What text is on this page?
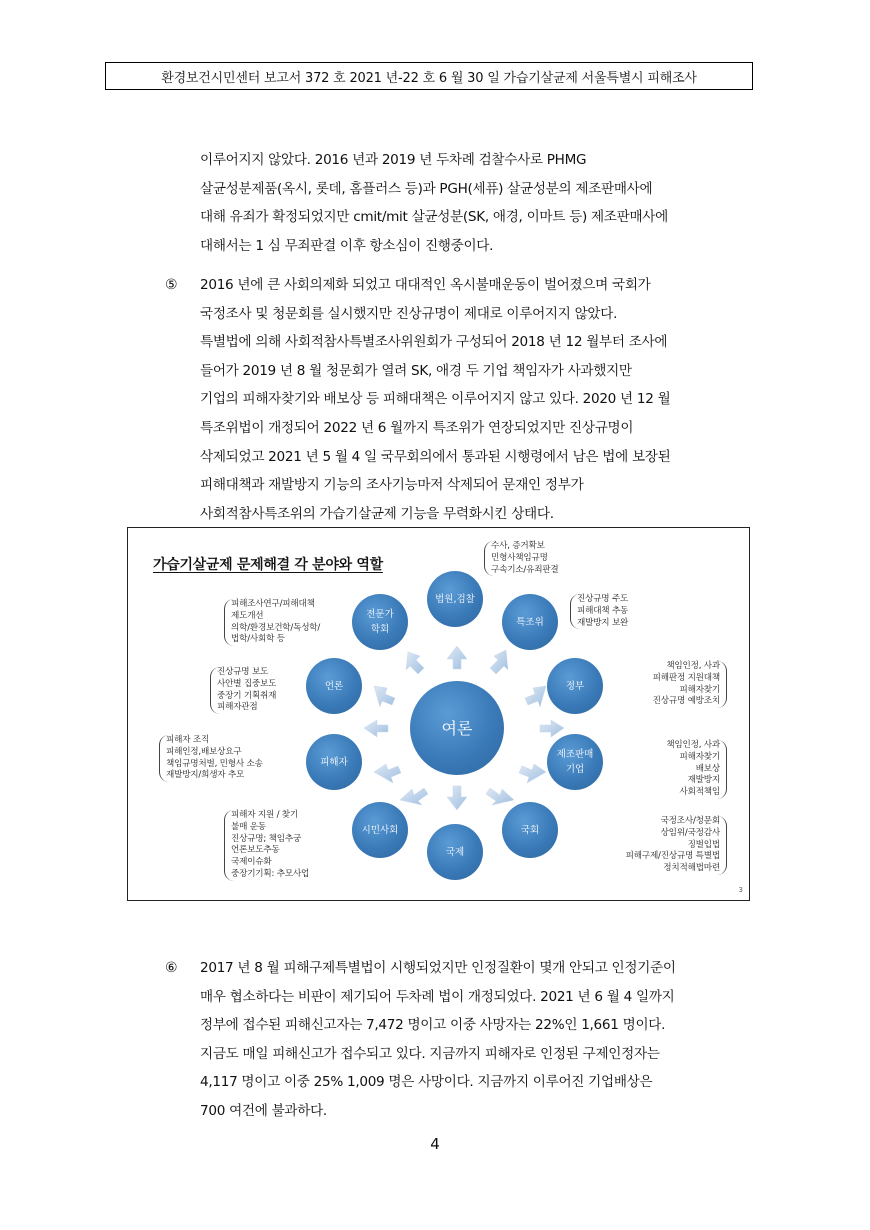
환경보건시민센터 보고서 372 호 2021 년-22 호 6 월 30 일 가습기살균제 서울특별시 피해조사
이루어지지 않았다. 2016 년과 2019 년 두차례 검찰수사로 PHMG
살균성분제품(옥시, 롯데, 홈플러스 등)과 PGH(세퓨) 살균성분의 제조판매사에
대해 유죄가 확정되었지만 cmit/mit 살균성분(SK, 애경, 이마트 등) 제조판매사에
대해서는 1 심 무죄판결 이후 항소심이 진행중이다.
⑤ 2016 년에 큰 사회의제화 되었고 대대적인 옥시불매운동이 벌어졌으며 국회가
국정조사 및 청문회를 실시했지만 진상규명이 제대로 이루어지지 않았다.
특별법에 의해 사회적참사특별조사위원회가 구성되어 2018 년 12 월부터 조사에
들어가 2019 년 8 월 청문회가 열려 SK, 애경 두 기업 책임자가 사과했지만
기업의 피해자찾기와 배보상 등 피해대책은 이루어지지 않고 있다. 2020 년 12 월
특조위법이 개정되어 2022 년 6 월까지 특조위가 연장되었지만 진상규명이
삭제되었고 2021 년 5 월 4 일 국무회의에서 통과된 시행령에서 남은 법에 보장된
피해대책과 재발방지 기능의 조사기능마저 삭제되어 문재인 정부가
사회적참사특조위의 가습기살균제 기능을 무력화시킨 상태다.
가습기살균제 문제해결 각 분야와 역할
여론
법원,검찰
특조위
정부
제조판매
기업
국회
국제
시민사회
피해자
언론
전문가
학회
수사, 증거확보
민형사책임규명
구속기소/유죄판결
진상규명 주도
피해대책 추동
재발방지 보완
책임인정, 사과
피해판정 지원대책
피해자찾기
진상규명 예방조치
책임인정, 사과
피해자찾기
배보상
재발방지
사회적책임
국정조사/청문회
상임위/국정감사
징벌입법
피해구제/진상규명 특별법
정치적해법마련
피해조사연구/피해대책
제도개선
의학/환경보건학/독성학/
법학/사회학 등
진상규명 보도
사안별 집중보도
중장기 기획취재
피해자관점
피해자 조직
피해인정,배보상요구
책임규명처벌, 민형사 소송
재발방지/희생자 추모
피해자 지원 / 찾기
불매 운동
진상규명; 책임추궁
언론보도추동
국제이슈화
중장기기획: 추모사업
3
⑥ 2017 년 8 월 피해구제특별법이 시행되었지만 인정질환이 몇개 안되고 인정기준이
매우 협소하다는 비판이 제기되어 두차례 법이 개정되었다. 2021 년 6 월 4 일까지
정부에 접수된 피해신고자는 7,472 명이고 이중 사망자는 22%인 1,661 명이다.
지금도 매일 피해신고가 접수되고 있다. 지금까지 피해자로 인정된 구제인정자는
4,117 명이고 이중 25% 1,009 명은 사망이다. 지금까지 이루어진 기업배상은
700 여건에 불과하다.
4
